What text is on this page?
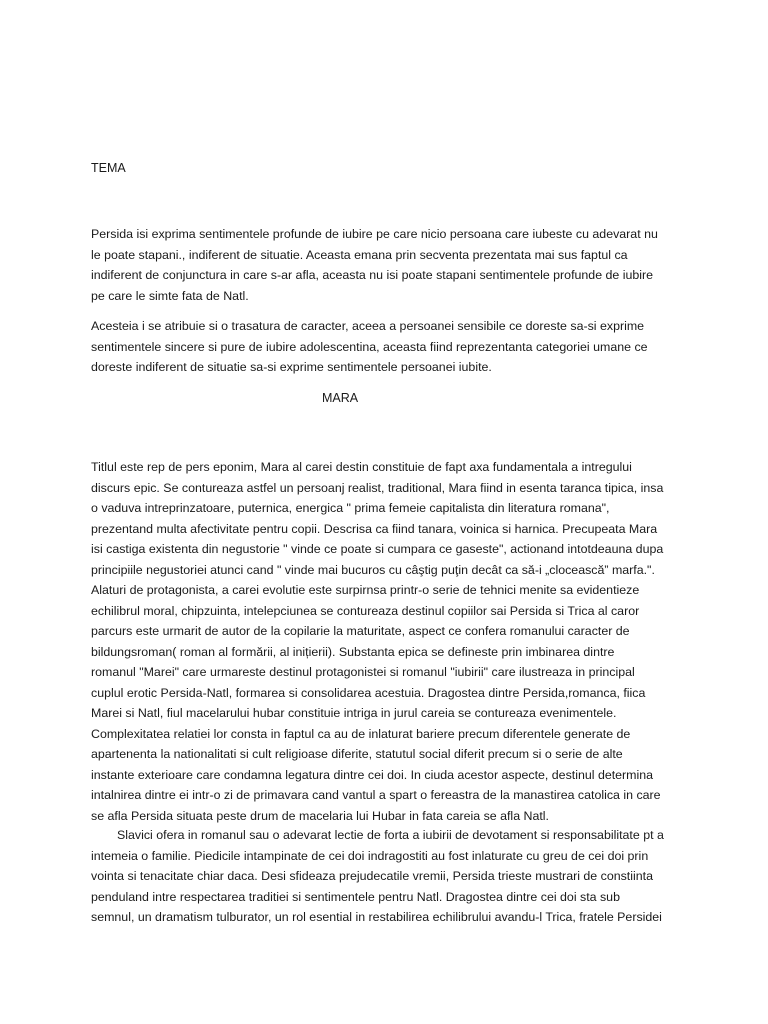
TEMA

Persida isi exprima sentimentele profunde de iubire pe care nicio persoana care iubeste cu adevarat nu
le poate stapani., indiferent de situatie. Aceasta emana prin secventa prezentata mai sus faptul ca
indiferent de conjunctura in care s-ar afla, aceasta nu isi poate stapani sentimentele profunde de iubire
pe care le simte fata de Natl.

Acesteia i se atribuie si o trasatura de caracter, aceea a persoanei sensibile ce doreste sa-si exprime
sentimentele sincere si pure de iubire adolescentina, aceasta fiind reprezentanta categoriei umane ce
doreste indiferent de situatie sa-si exprime sentimentele persoanei iubite.

MARA

Titlul este rep de pers eponim, Mara al carei destin constituie de fapt axa fundamentala a intregului
discurs epic. Se contureaza astfel un persoanj realist, traditional, Mara fiind in esenta taranca tipica, insa
o vaduva intreprinzatoare, puternica, energica " prima femeie capitalista din literatura romana",
prezentand multa afectivitate pentru copii. Descrisa ca fiind tanara, voinica si harnica. Precupeata Mara
isi castiga existenta din negustorie " vinde ce poate si cumpara ce gaseste", actionand intotdeauna dupa
principiile negustoriei atunci cand " vinde mai bucuros cu câştig puţin decât ca să-i „clocească” marfa.".
Alaturi de protagonista, a carei evolutie este surpirnsa printr-o serie de tehnici menite sa evidentieze
echilibrul moral, chipzuinta, intelepciunea se contureaza destinul copiilor sai Persida si Trica al caror
parcurs este urmarit de autor de la copilarie la maturitate, aspect ce confera romanului caracter de
bildungsroman( roman al formării, al inițierii). Substanta epica se defineste prin imbinarea dintre
romanul "Marei" care urmareste destinul protagonistei si romanul "iubirii" care ilustreaza in principal
cuplul erotic Persida-Natl, formarea si consolidarea acestuia. Dragostea dintre Persida,romanca, fiica
Marei si Natl, fiul macelarului hubar constituie intriga in jurul careia se contureaza evenimentele.
Complexitatea relatiei lor consta in faptul ca au de inlaturat bariere precum diferentele generate de
apartenenta la nationalitati si cult religioase diferite, statutul social diferit precum si o serie de alte
instante exterioare care condamna legatura dintre cei doi. In ciuda acestor aspecte, destinul determina
intalnirea dintre ei intr-o zi de primavara cand vantul a spart o fereastra de la manastirea catolica in care
se afla Persida situata peste drum de macelaria lui Hubar in fata careia se afla Natl.

Slavici ofera in romanul sau o adevarat lectie de forta a iubirii de devotament si responsabilitate pt a
intemeia o familie. Piedicile intampinate de cei doi indragostiti au fost inlaturate cu greu de cei doi prin
vointa si tenacitate chiar daca. Desi sfideaza prejudecatile vremii, Persida trieste mustrari de constiinta
penduland intre respectarea traditiei si sentimentele pentru Natl. Dragostea dintre cei doi sta sub
semnul, un dramatism tulburator, un rol esential in restabilirea echilibrului avandu-l Trica, fratele Persidei
